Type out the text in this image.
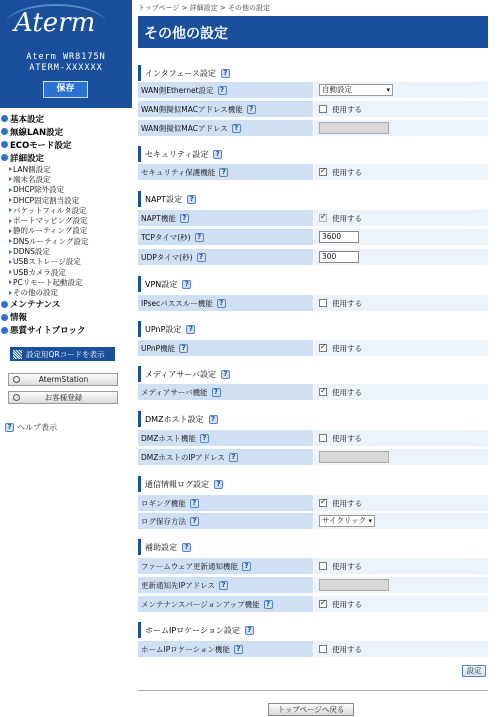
Aterm
Aterm WR8175N
ATERM-XXXXXX
保存
基本設定
無線LAN設定
ECOモード設定
詳細設定
LAN側設定
端末名設定
DHCP除外設定
DHCP固定割当設定
パケットフィルタ設定
ポートマッピング設定
静的ルーティング設定
DNSルーティング設定
DDNS設定
USBストレージ設定
USBカメラ設定
PCリモート起動設定
その他の設定
メンテナンス
情報
悪質サイトブロック
設定用QRコードを表示
AtermStation
お客様登録
? ヘルプ表示
トップページ > 詳細設定 > その他の設定
その他の設定
インタフェース設定	?
WAN側Ethernet設定 ?	自動設定 ▾
WAN側擬似MACアドレス機能 ?	使用する
WAN側擬似MACアドレス ?
セキュリティ設定	?
セキュリティ保護機能 ? ✓	使用する
NAPT設定	?
NAPT機能 ? ✓	使用する
TCPタイマ(秒) ?	3600
UDPタイマ(秒) ?	300
VPN設定	?
IPsecパススルー機能 ?	使用する
UPnP設定	?
UPnP機能 ? ✓	使用する
メディアサーバ設定	?
メディアサーバ機能 ? ✓	使用する
DMZホスト設定	?
DMZホスト機能 ?	使用する
DMZホストのIPアドレス ?
通信情報ログ設定	?
ロギング機能 ? ✓	使用する
ログ保存方法 ?	サイクリック ▾
補助設定	?
ファームウェア更新通知機能 ?	使用する
更新通知先IPアドレス ?
メンテナンスバージョンアップ機能 ? ✓	使用する
ホームIPロケーション設定	?
ホームIPロケーション機能 ?	使用する
設定
トップページへ戻る
